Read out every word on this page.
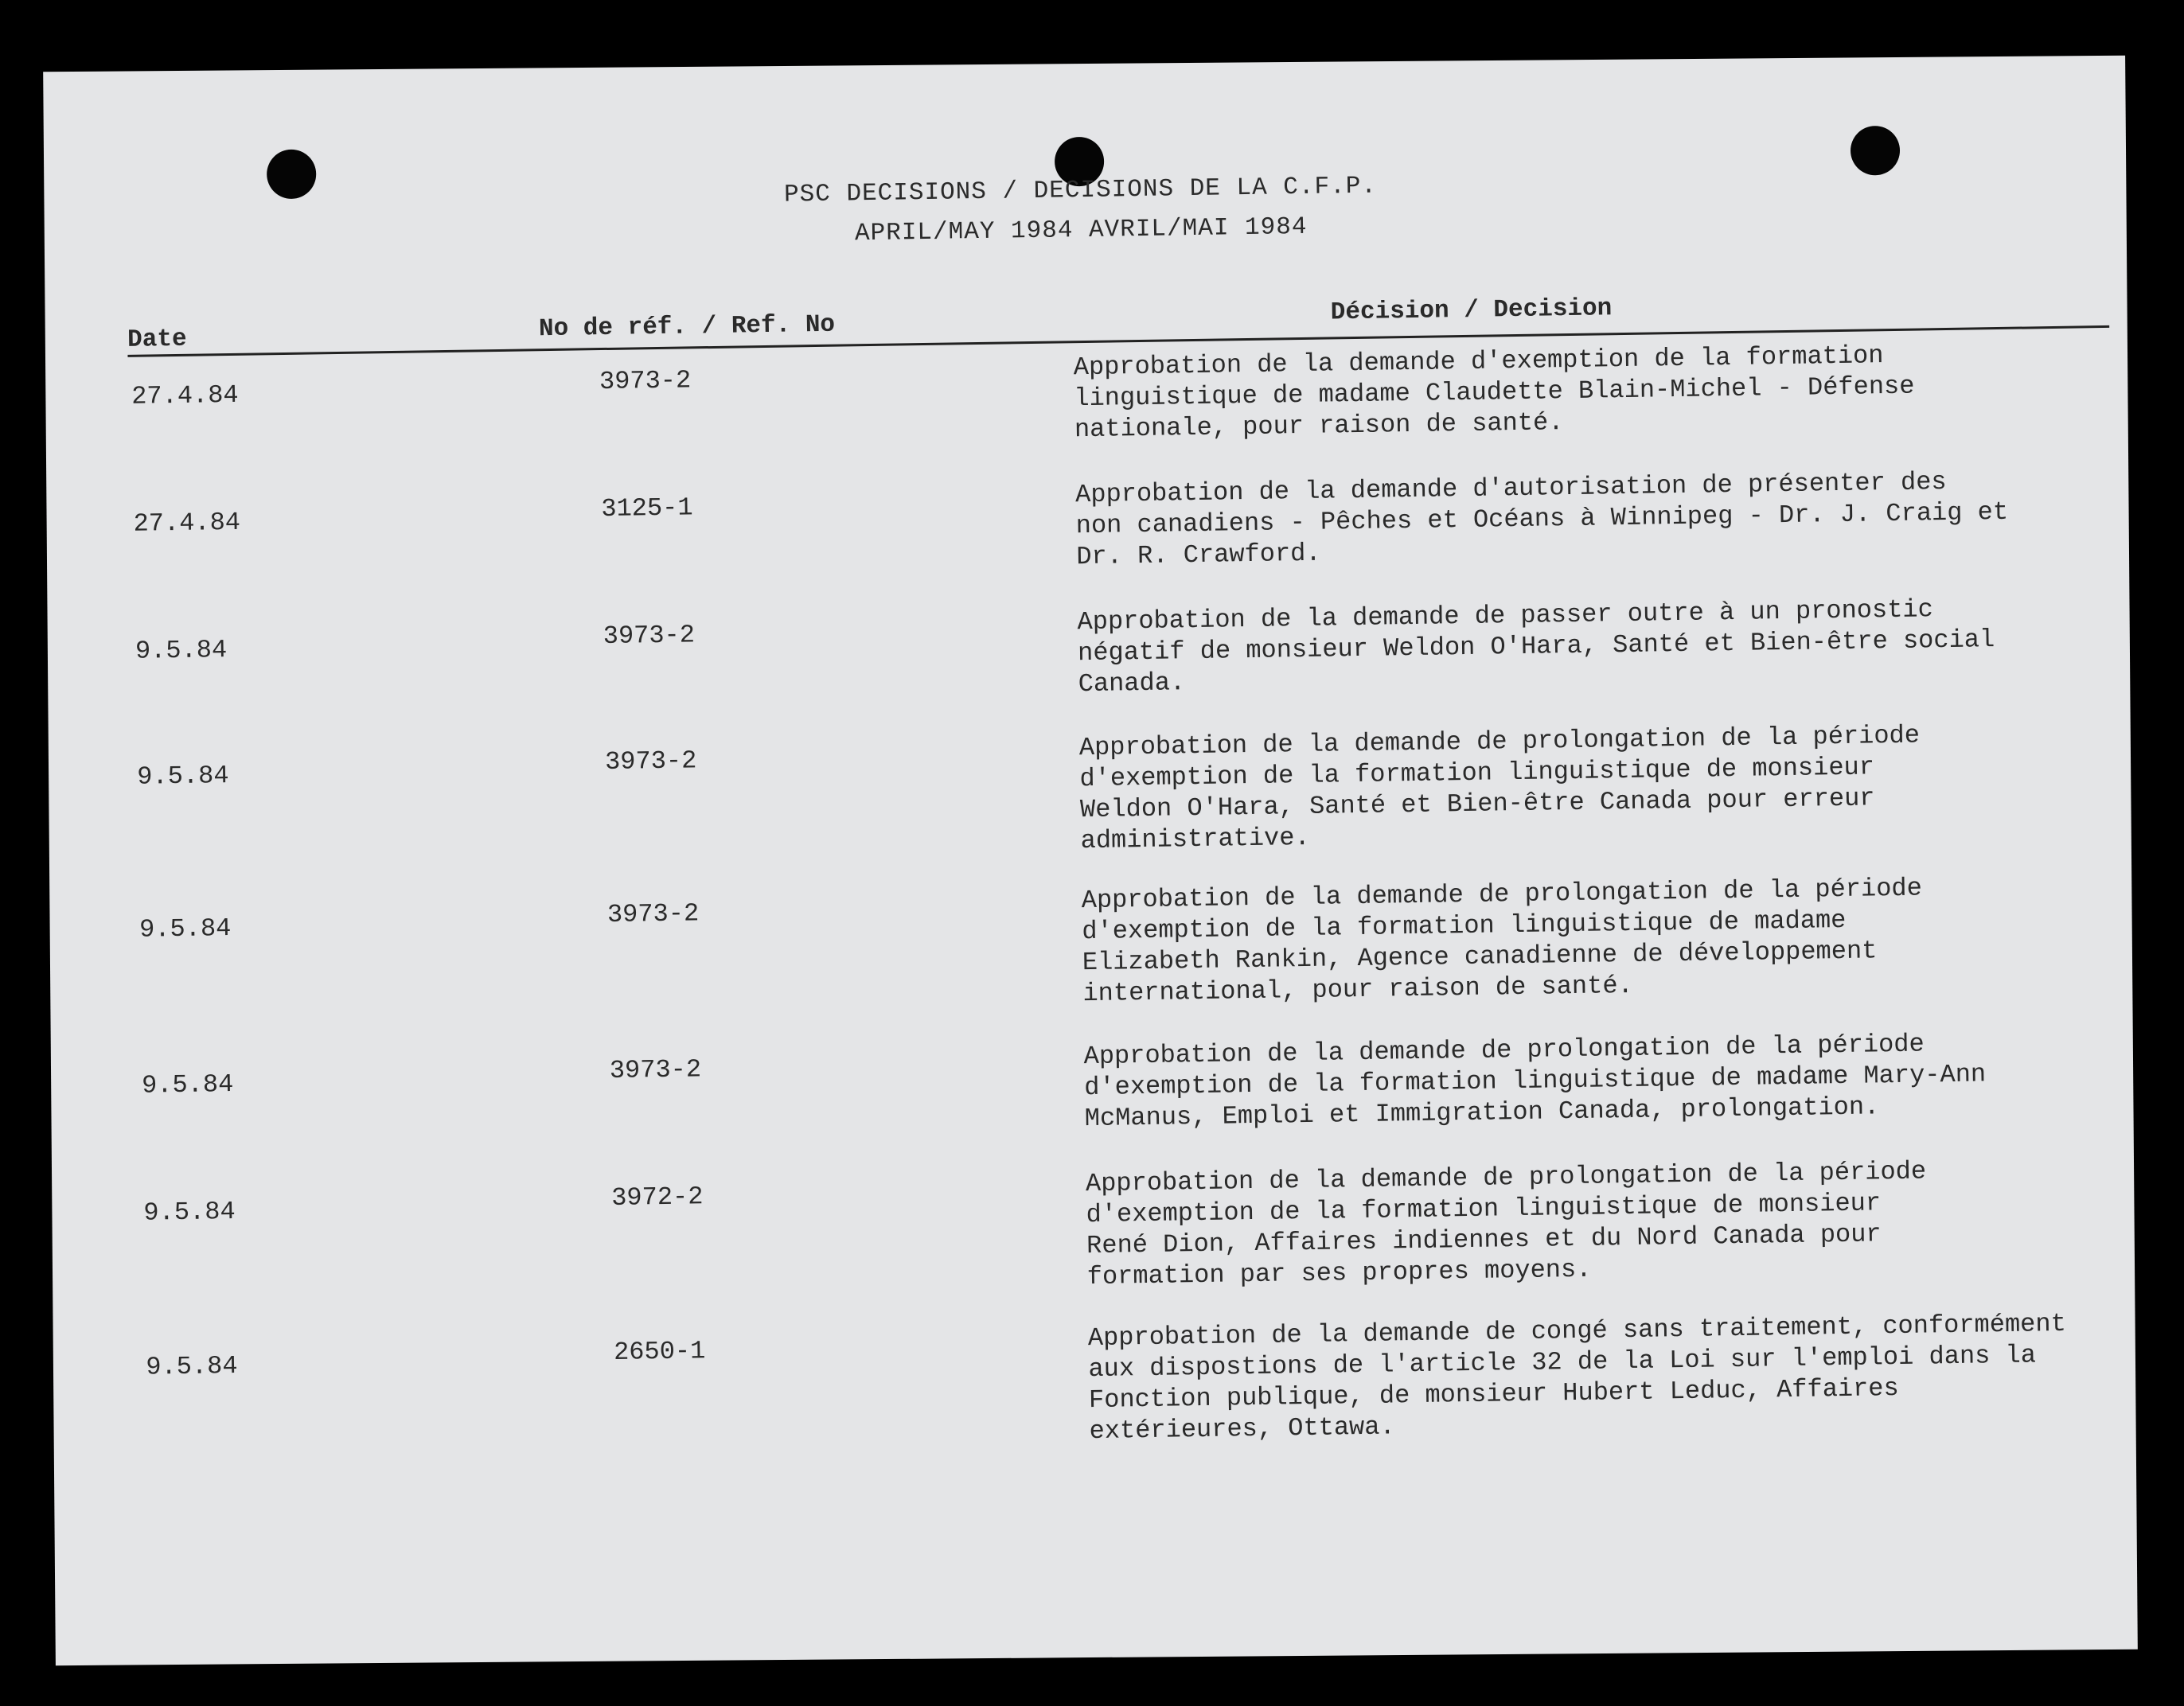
PSC DECISIONS / DECISIONS DE LA C.F.P.
APRIL/MAY 1984 AVRIL/MAI 1984
Date	No de réf. / Ref. No
Décision / Decision
27.4.84	3973-2	Approbation de la demande d'exemption de la formation
linguistique de madame Claudette Blain-Michel - Défense
nationale, pour raison de santé.
27.4.84	3125-1	Approbation de la demande d'autorisation de présenter des
non canadiens - Pêches et Océans à Winnipeg - Dr. J. Craig et
Dr. R. Crawford.
9.5.84	3973-2	Approbation de la demande de passer outre à un pronostic
négatif de monsieur Weldon O'Hara, Santé et Bien-être social
Canada.
9.5.84	3973-2	Approbation de la demande de prolongation de la période
d'exemption de la formation linguistique de monsieur
Weldon O'Hara, Santé et Bien-être Canada pour erreur
administrative.
9.5.84	3973-2	Approbation de la demande de prolongation de la période
d'exemption de la formation linguistique de madame
Elizabeth Rankin, Agence canadienne de développement
international, pour raison de santé.
9.5.84	3973-2	Approbation de la demande de prolongation de la période
d'exemption de la formation linguistique de madame Mary-Ann
McManus, Emploi et Immigration Canada, prolongation.
9.5.84	3972-2	Approbation de la demande de prolongation de la période
d'exemption de la formation linguistique de monsieur
René Dion, Affaires indiennes et du Nord Canada pour
formation par ses propres moyens.
9.5.84	2650-1	Approbation de la demande de congé sans traitement, conformément
aux dispostions de l'article 32 de la Loi sur l'emploi dans la
Fonction publique, de monsieur Hubert Leduc, Affaires
extérieures, Ottawa.
